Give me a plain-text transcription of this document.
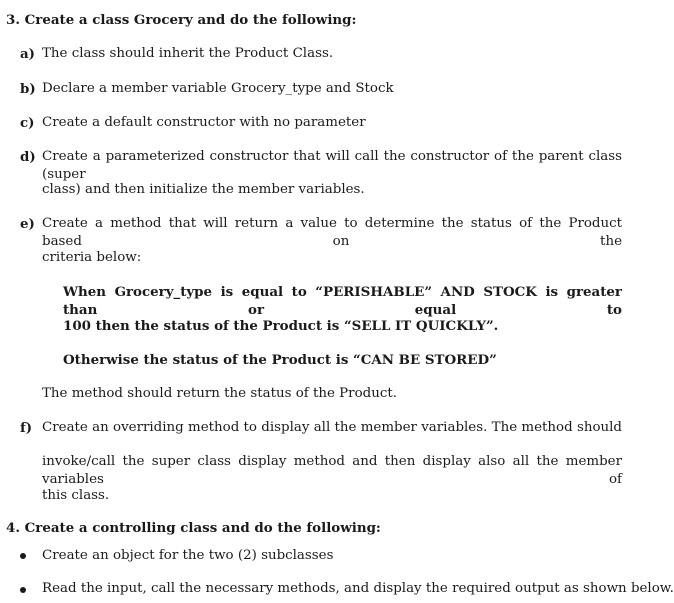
3. Create a class Grocery and do the following:
a) The class should inherit the Product Class.
b) Declare a member variable Grocery_type and Stock
c) Create a default constructor with no parameter
d) Create a parameterized constructor that will call the constructor of the parent class (super
class) and then initialize the member variables.
e) Create a method that will return a value to determine the status of the Product based on the
criteria below:
When Grocery_type is equal to “PERISHABLE” AND STOCK is greater than or equal to
100 then the status of the Product is “SELL IT QUICKLY”.
Otherwise the status of the Product is “CAN BE STORED”
The method should return the status of the Product.
f) Create an overriding method to display all the member variables. The method should
invoke/call the super class display method and then display also all the member variables of
this class.
4. Create a controlling class and do the following:
Create an object for the two (2) subclasses
Read the input, call the necessary methods, and display the required output as shown below.
